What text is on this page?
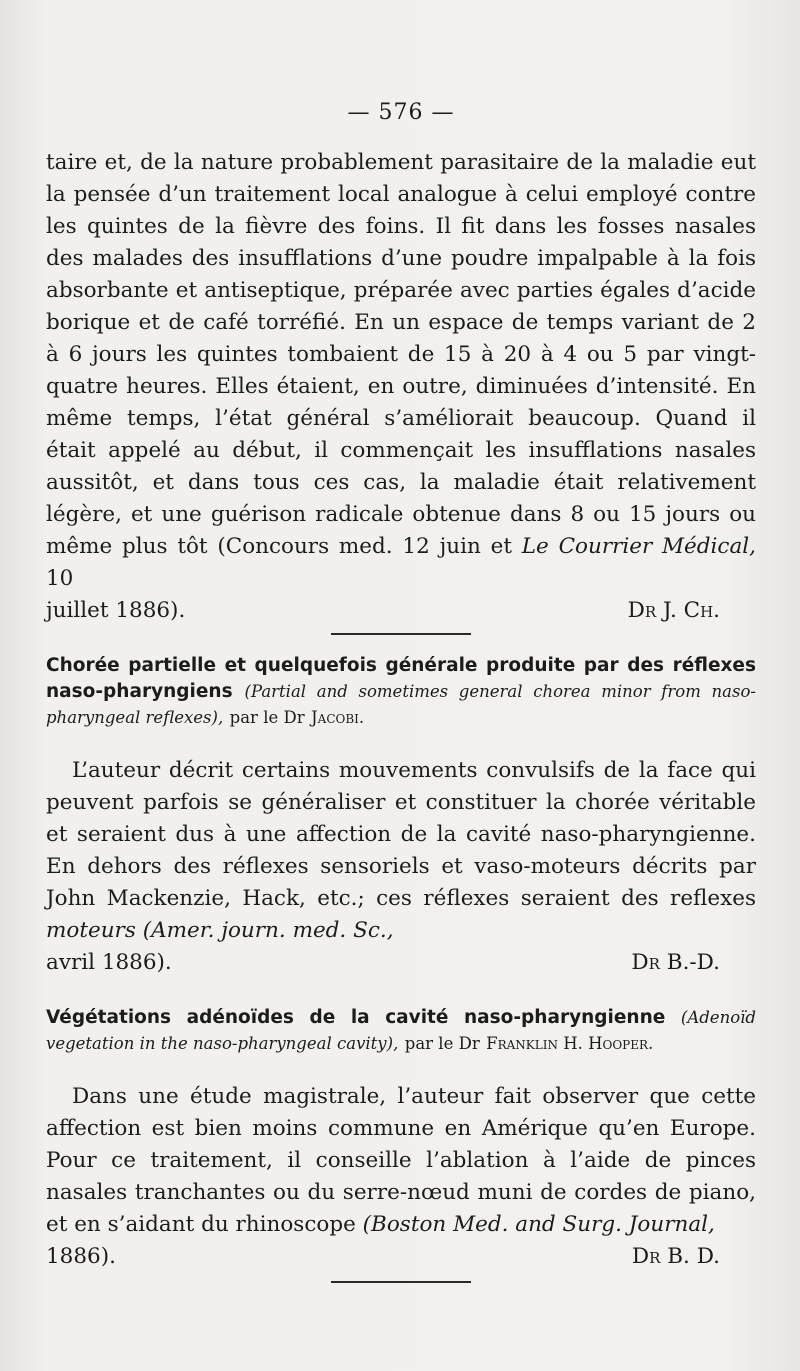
— 576 —

taire et, de la nature probablement parasitaire de la maladie eut la pensée d’un traitement local analogue à celui employé contre les quintes de la fièvre des foins. Il fit dans les fosses nasales des malades des insufflations d’une poudre impalpable à la fois absorbante et antiseptique, préparée avec parties égales d’acide borique et de café torréfié. En un espace de temps variant de 2 à 6 jours les quintes tombaient de 15 à 20 à 4 ou 5 par vingt-quatre heures. Elles étaient, en outre, diminuées d’intensité. En même temps, l’état général s’améliorait beaucoup. Quand il était appelé au début, il commençait les insufflations nasales aussitôt, et dans tous ces cas, la maladie était relativement légère, et une guérison radicale obtenue dans 8 ou 15 jours ou même plus tôt (Concours med. 12 juin et Le Courrier Médical, 10

juillet 1886).	Dr J. Ch.

Chorée partielle et quelquefois générale produite par des réflexes naso-pharyngiens (Partial and sometimes general chorea minor from naso-pharyngeal reflexes), par le Dr Jacobi.

L’auteur décrit certains mouvements convulsifs de la face qui peuvent parfois se généraliser et constituer la chorée véritable et seraient dus à une affection de la cavité naso-pharyngienne. En dehors des réflexes sensoriels et vaso-moteurs décrits par John Mackenzie, Hack, etc.; ces réflexes seraient des reflexes moteurs (Amer. journ. med. Sc.,

avril 1886).	Dr B.-D.

Végétations adénoïdes de la cavité naso-pharyngienne (Adenoïd vegetation in the naso-pharyngeal cavity), par le Dr Franklin H. Hooper.

Dans une étude magistrale, l’auteur fait observer que cette affection est bien moins commune en Amérique qu’en Europe. Pour ce traitement, il conseille l’ablation à l’aide de pinces nasales tranchantes ou du serre-nœud muni de cordes de piano, et en s’aidant du rhinoscope (Boston Med. and Surg. Journal,

1886).	Dr B. D.
